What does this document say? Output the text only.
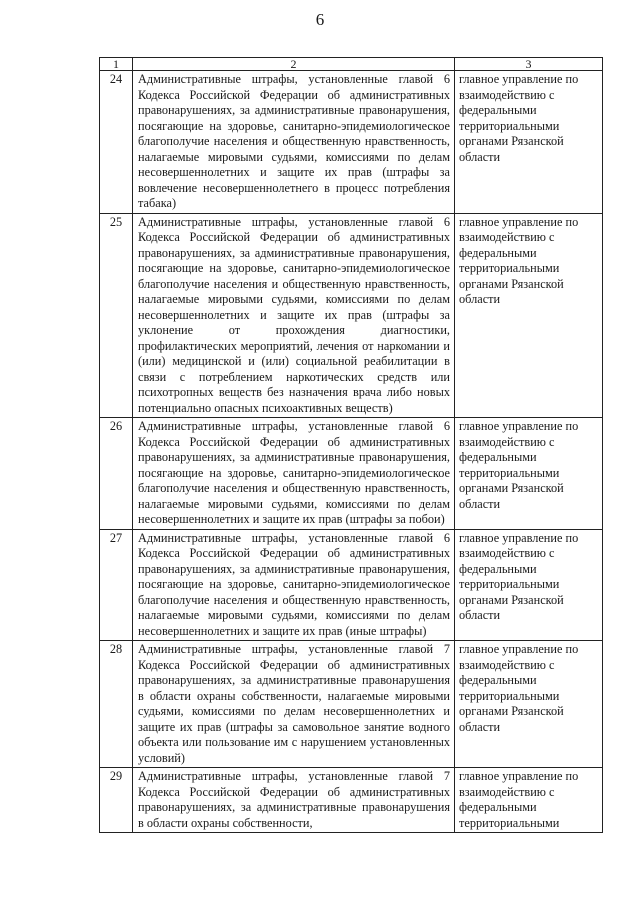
6
1	2	3
24	Административные штрафы, установленные главой 6 Кодекса Российской Федерации об административных правонарушениях, за административные правонарушения, посягающие на здоровье, санитарно-эпидемиологическое благополучие населения и общественную нравственность, налагаемые мировыми судьями, комиссиями по делам несовершеннолетних и защите их прав (штрафы за вовлечение несовершеннолетнего в процесс потребления табака)	главное управление по взаимодействию с федеральными территориальными органами Рязанской области
25	Административные штрафы, установленные главой 6 Кодекса Российской Федерации об административных правонарушениях, за административные правонарушения, посягающие на здоровье, санитарно-эпидемиологическое благополучие населения и общественную нравственность, налагаемые мировыми судьями, комиссиями по делам несовершеннолетних и защите их прав (штрафы за уклонение от прохождения диагностики, профилактических мероприятий, лечения от наркомании и (или) медицинской и (или) социальной реабилитации в связи с потреблением наркотических средств или психотропных веществ без назначения врача либо новых потенциально опасных психоактивных веществ)	главное управление по взаимодействию с федеральными территориальными органами Рязанской области
26	Административные штрафы, установленные главой 6 Кодекса Российской Федерации об административных правонарушениях, за административные правонарушения, посягающие на здоровье, санитарно-эпидемиологическое благополучие населения и общественную нравственность, налагаемые мировыми судьями, комиссиями по делам несовершеннолетних и защите их прав (штрафы за побои)	главное управление по взаимодействию с федеральными территориальными органами Рязанской области
27	Административные штрафы, установленные главой 6 Кодекса Российской Федерации об административных правонарушениях, за административные правонарушения, посягающие на здоровье, санитарно-эпидемиологическое благополучие населения и общественную нравственность, налагаемые мировыми судьями, комиссиями по делам несовершеннолетних и защите их прав (иные штрафы)	главное управление по взаимодействию с федеральными территориальными органами Рязанской области
28	Административные штрафы, установленные главой 7 Кодекса Российской Федерации об административных правонарушениях, за административные правонарушения в области охраны собственности, налагаемые мировыми судьями, комиссиями по делам несовершеннолетних и защите их прав (штрафы за самовольное занятие водного объекта или пользование им с нарушением установленных условий)	главное управление по взаимодействию с федеральными территориальными органами Рязанской области
29	Административные штрафы, установленные главой 7 Кодекса Российской Федерации об административных правонарушениях, за административные правонарушения в области охраны собственности,	главное управление по взаимодействию с федеральными территориальными
